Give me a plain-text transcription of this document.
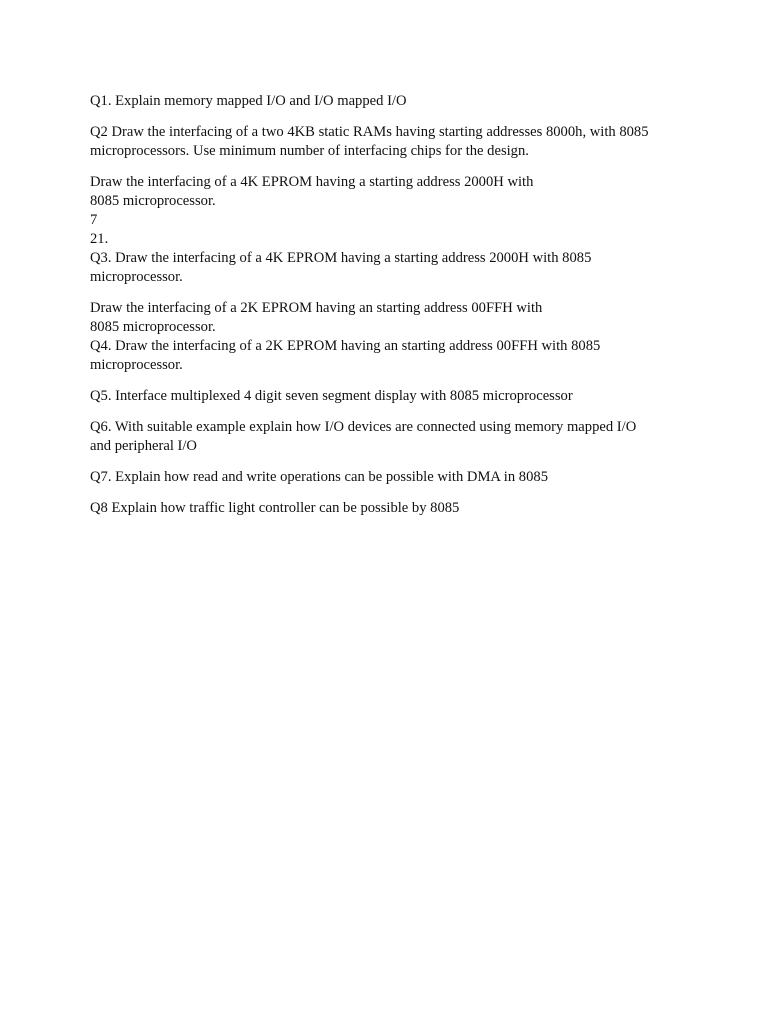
Q1. Explain memory mapped I/O and I/O mapped I/O

Q2 Draw the interfacing of a two 4KB static RAMs having starting addresses 8000h, with 8085
microprocessors. Use minimum number of interfacing chips for the design.

Draw the interfacing of a 4K EPROM having a starting address 2000H with
8085 microprocessor.
7
21.
Q3. Draw the interfacing of a 4K EPROM having a starting address 2000H with 8085
microprocessor.

Draw the interfacing of a 2K EPROM having an starting address 00FFH with
8085 microprocessor.
Q4. Draw the interfacing of a 2K EPROM having an starting address 00FFH with 8085
microprocessor.

Q5. Interface multiplexed 4 digit seven segment display with 8085 microprocessor

Q6. With suitable example explain how I/O devices are connected using memory mapped I/O
and peripheral I/O

Q7. Explain how read and write operations can be possible with DMA in 8085

Q8 Explain how traffic light controller can be possible by 8085
